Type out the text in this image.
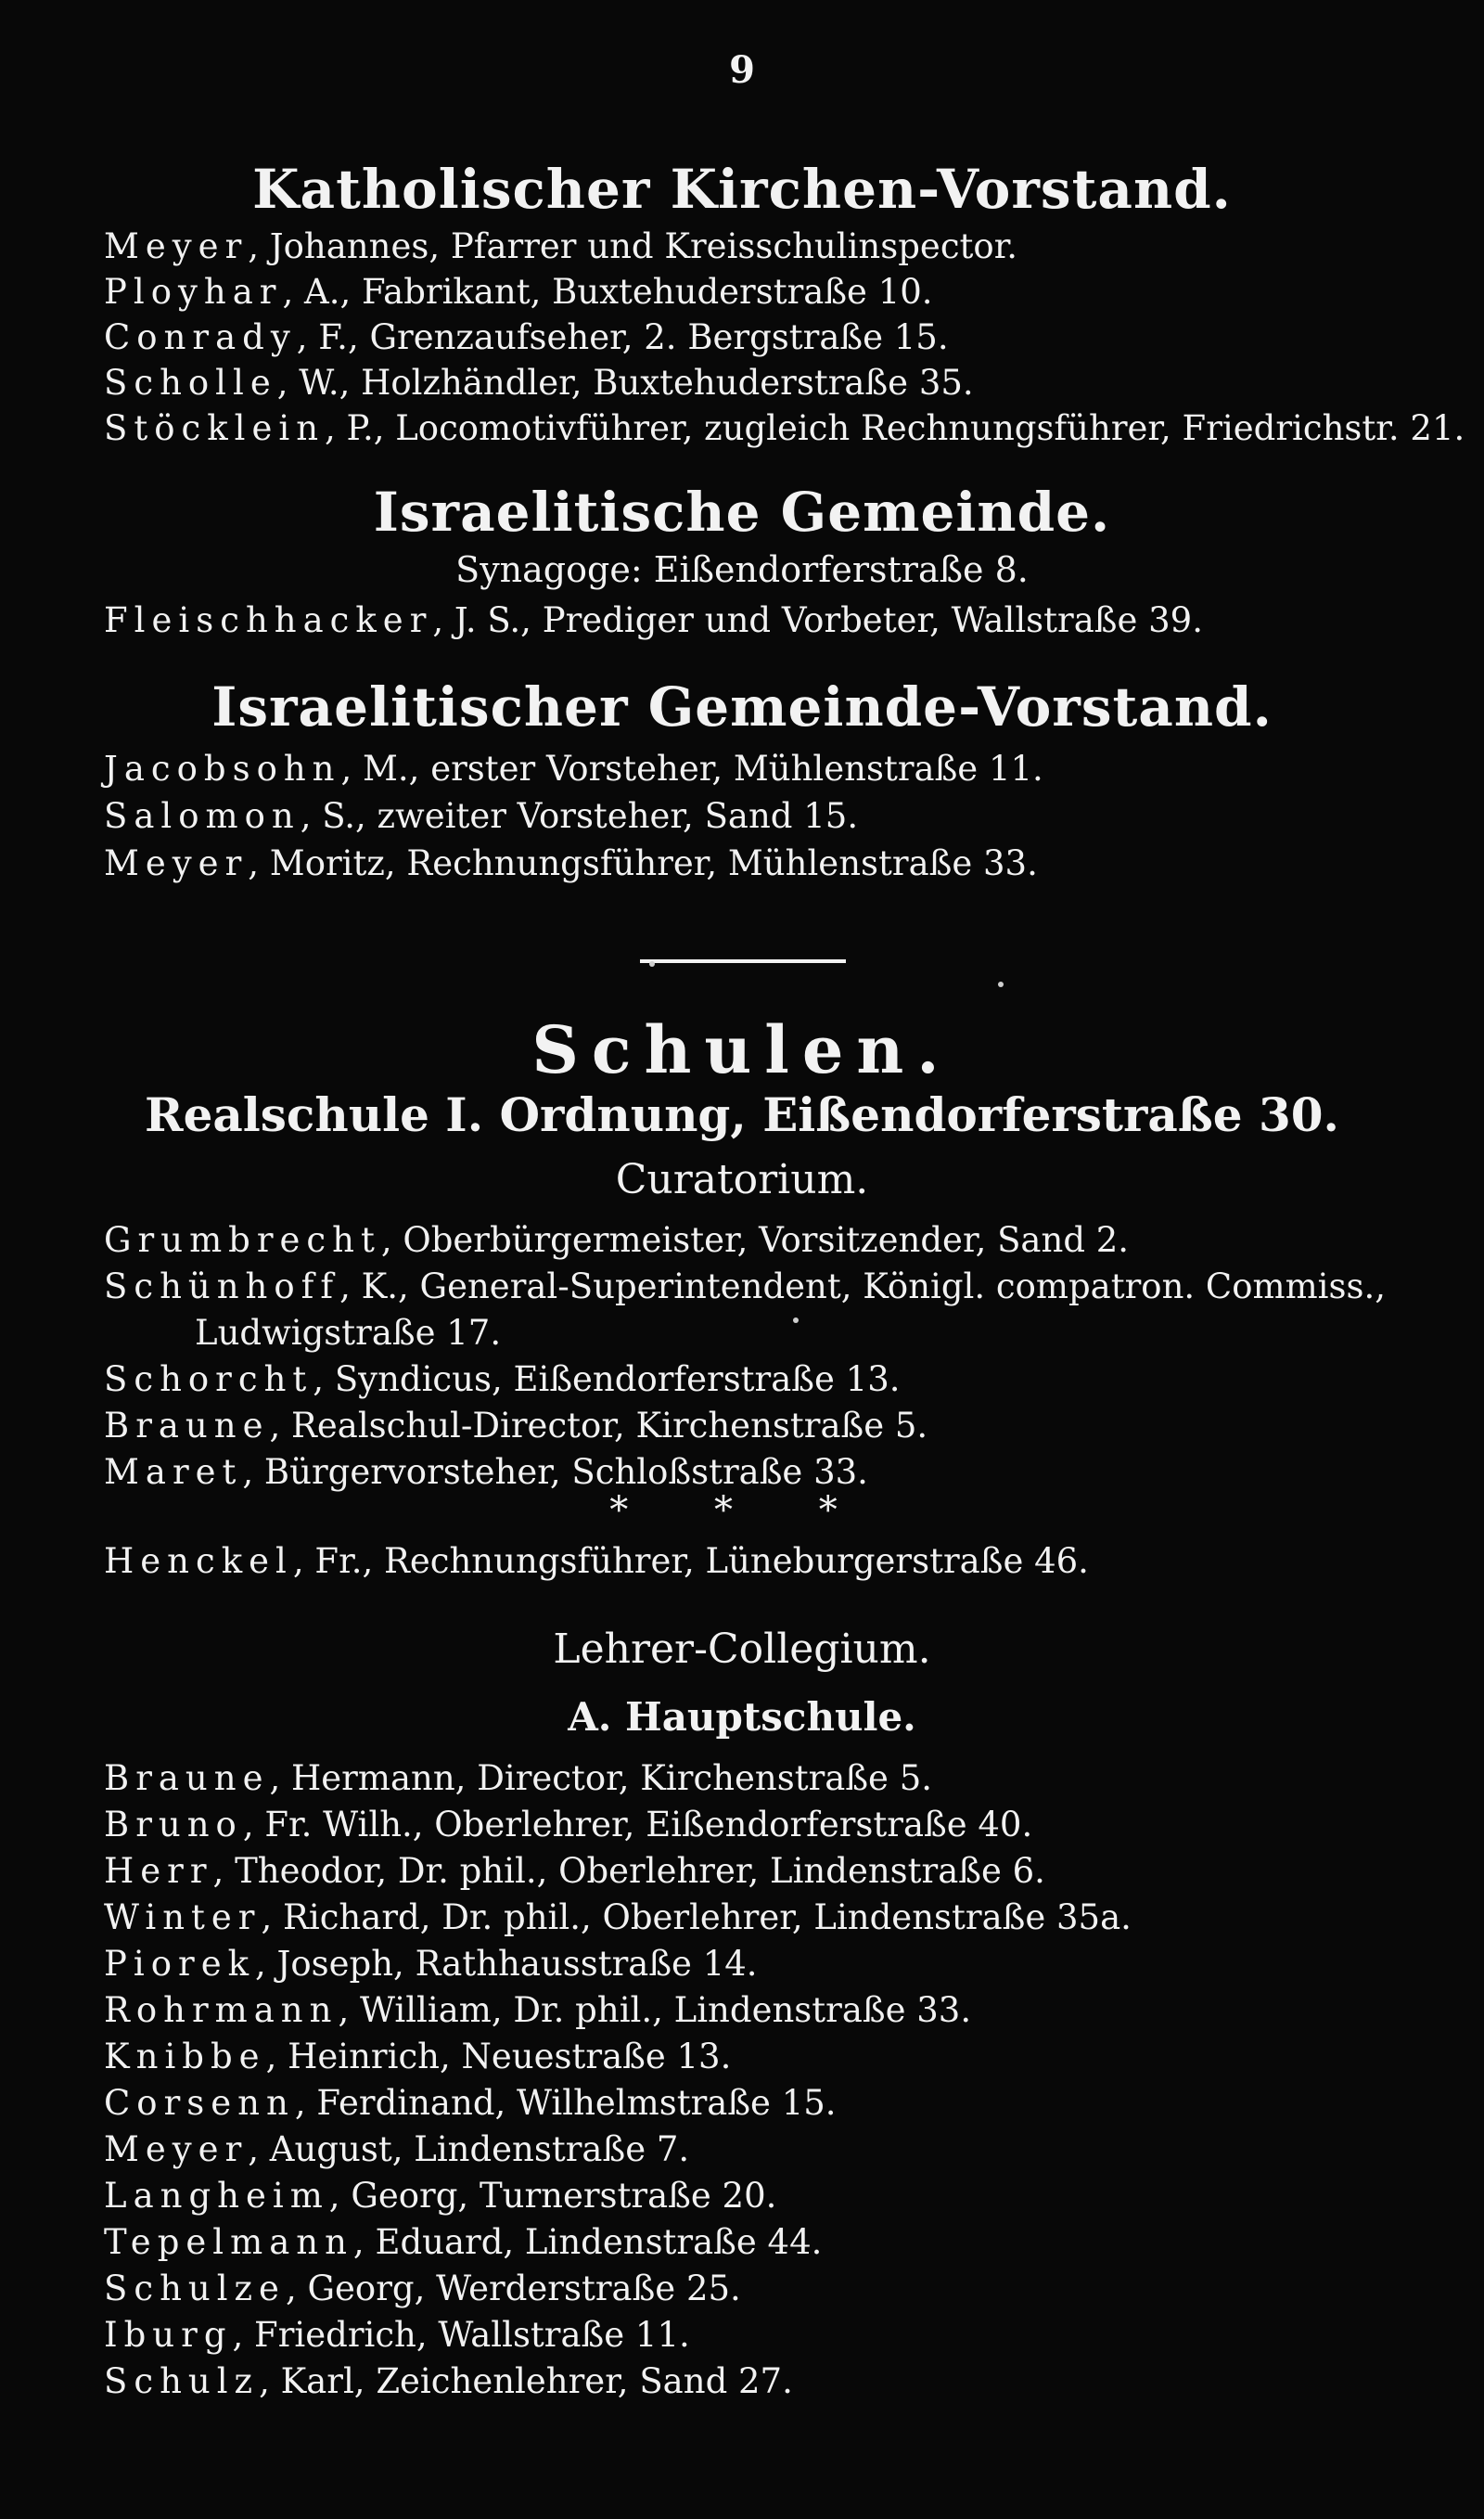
9
Katholischer Kirchen-Vorstand.
Meyer, Johannes, Pfarrer und Kreisschulinspector.
Ployhar, A., Fabrikant, Buxtehuderstraße 10.
Conrady, F., Grenzaufseher, 2. Bergstraße 15.
Scholle, W., Holzhändler, Buxtehuderstraße 35.
Stöcklein, P., Locomotivführer, zugleich Rechnungsführer, Friedrichstr. 21.
Israelitische Gemeinde.
Synagoge: Eißendorferstraße 8.
Fleischhacker, J. S., Prediger und Vorbeter, Wallstraße 39.
Israelitischer Gemeinde-Vorstand.
Jacobsohn, M., erster Vorsteher, Mühlenstraße 11.
Salomon, S., zweiter Vorsteher, Sand 15.
Meyer, Moritz, Rechnungsführer, Mühlenstraße 33.
Schulen.
Realschule I. Ordnung, Eißendorferstraße 30.
Curatorium.
Grumbrecht, Oberbürgermeister, Vorsitzender, Sand 2.
Schünhoff, K., General-Superintendent, Königl. compatron. Commiss.,
Ludwigstraße 17.
Schorcht, Syndicus, Eißendorferstraße 13.
Braune, Realschul-Director, Kirchenstraße 5.
Maret, Bürgervorsteher, Schloßstraße 33.
* * *
Henckel, Fr., Rechnungsführer, Lüneburgerstraße 46.
Lehrer-Collegium.
A. Hauptschule.
Braune, Hermann, Director, Kirchenstraße 5.
Bruno, Fr. Wilh., Oberlehrer, Eißendorferstraße 40.
Herr, Theodor, Dr. phil., Oberlehrer, Lindenstraße 6.
Winter, Richard, Dr. phil., Oberlehrer, Lindenstraße 35a.
Piorek, Joseph, Rathhausstraße 14.
Rohrmann, William, Dr. phil., Lindenstraße 33.
Knibbe, Heinrich, Neuestraße 13.
Corsenn, Ferdinand, Wilhelmstraße 15.
Meyer, August, Lindenstraße 7.
Langheim, Georg, Turnerstraße 20.
Tepelmann, Eduard, Lindenstraße 44.
Schulze, Georg, Werderstraße 25.
Iburg, Friedrich, Wallstraße 11.
Schulz, Karl, Zeichenlehrer, Sand 27.
